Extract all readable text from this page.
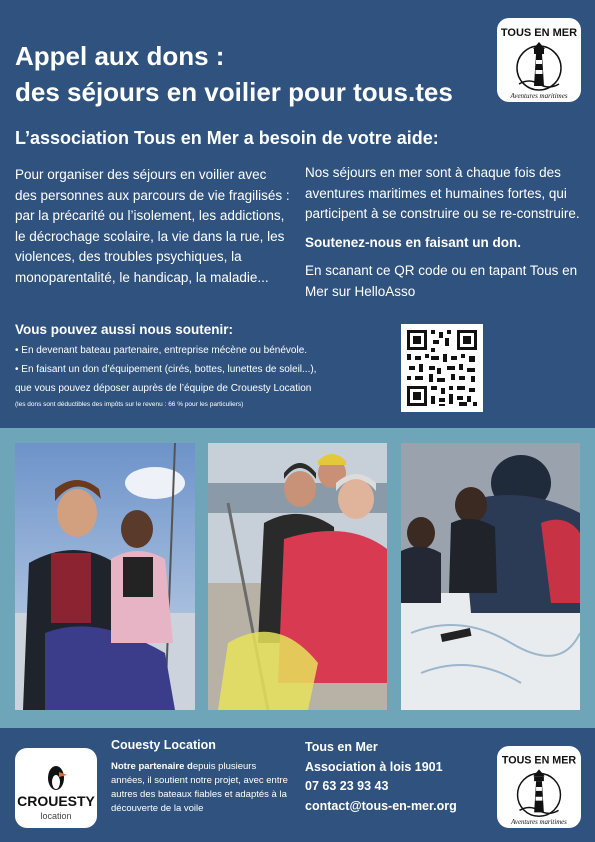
Appel aux dons :
des séjours en voilier pour tous.tes
TOUS EN MER
Aventures maritimes
L’association Tous en Mer a besoin de votre aide:
Pour organiser des séjours en voilier avec des personnes aux parcours de vie fragilisés : par la précarité ou l’isolement, les addictions, le décrochage scolaire, la vie dans la rue, les violences, des troubles psychiques, la monoparentalité, le handicap, la maladie...
Nos séjours en mer sont à chaque fois des aventures maritimes et humaines fortes, qui participent à se construire ou se re-construire.
Soutenez-nous en faisant un don.
En scanant ce QR code ou en tapant Tous en Mer sur HelloAsso
Vous pouvez aussi nous soutenir:
• En devenant bateau partenaire, entreprise mécène ou bénévole.
• En faisant un don d’équipement (cirés, bottes, lunettes de soleil...),
que vous pouvez déposer auprès de l’équipe de Crouesty Location
(les dons sont déductibles des impôts sur le revenu : 66 % pour les particuliers)
CROUESTY
location
Couesty Location
Notre partenaire depuis plusieurs années, il soutient notre projet, avec entre autres des bateaux fiables et adaptés à la découverte de la voile
Tous en Mer
Association à lois 1901
07 63 23 93 43
contact@tous-en-mer.org
TOUS EN MER
Aventures maritimes
